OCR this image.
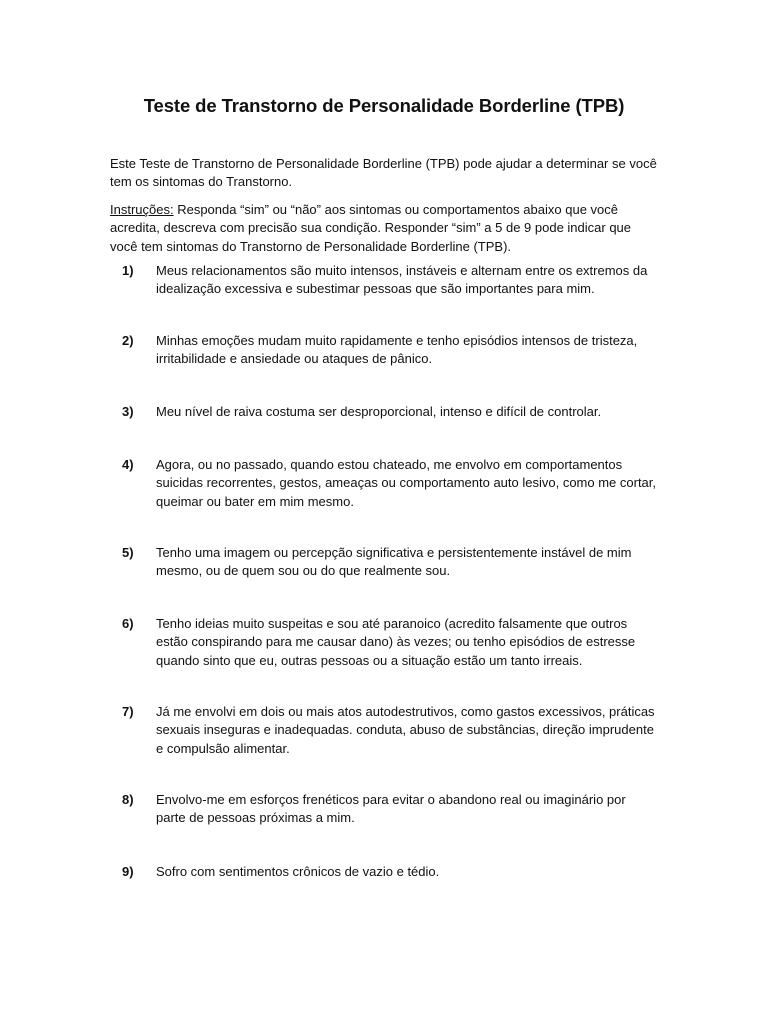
Teste de Transtorno de Personalidade Borderline (TPB)

Este Teste de Transtorno de Personalidade Borderline (TPB) pode ajudar a determinar se você tem os sintomas do Transtorno.

Instruções: Responda “sim” ou “não” aos sintomas ou comportamentos abaixo que você acredita, descreva com precisão sua condição. Responder “sim” a 5 de 9 pode indicar que você tem sintomas do Transtorno de Personalidade Borderline (TPB).

1)	Meus relacionamentos são muito intensos, instáveis e alternam entre os extremos da idealização excessiva e subestimar pessoas que são importantes para mim.
2)	Minhas emoções mudam muito rapidamente e tenho episódios intensos de tristeza, irritabilidade e ansiedade ou ataques de pânico.
3)	Meu nível de raiva costuma ser desproporcional, intenso e difícil de controlar.
4)	Agora, ou no passado, quando estou chateado, me envolvo em comportamentos suicidas recorrentes, gestos, ameaças ou comportamento auto lesivo, como me cortar, queimar ou bater em mim mesmo.
5)	Tenho uma imagem ou percepção significativa e persistentemente instável de mim mesmo, ou de quem sou ou do que realmente sou.
6)	Tenho ideias muito suspeitas e sou até paranoico (acredito falsamente que outros estão conspirando para me causar dano) às vezes; ou tenho episódios de estresse quando sinto que eu, outras pessoas ou a situação estão um tanto irreais.
7)	Já me envolvi em dois ou mais atos autodestrutivos, como gastos excessivos, práticas sexuais inseguras e inadequadas. conduta, abuso de substâncias, direção imprudente e compulsão alimentar.
8)	Envolvo-me em esforços frenéticos para evitar o abandono real ou imaginário por parte de pessoas próximas a mim.
9)	Sofro com sentimentos crônicos de vazio e tédio.
